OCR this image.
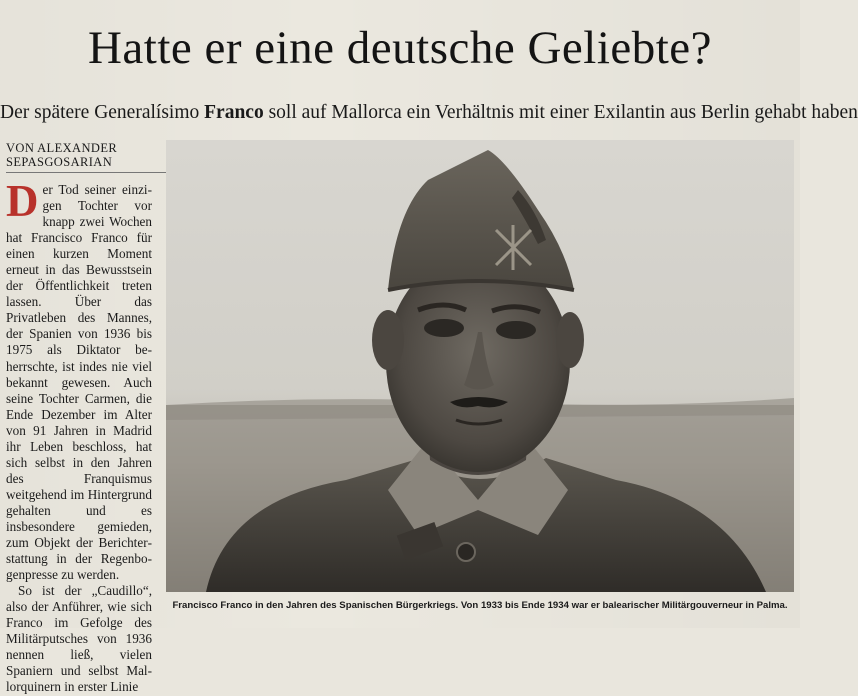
Hatte er eine deutsche Geliebte?
Der spätere Generalísimo Franco soll auf Mallorca ein Verhältnis mit einer Exilantin aus Berlin gehabt haben
VON ALEXANDER
SEPASGOSARIAN

Der Tod seiner einzigen Tochter vor knapp zwei Wochen hat Francisco Franco für einen kurzen Moment erneut in das Bewusstsein der Öffentlichkeit treten lassen. Über das Privatleben des Mannes, der Spanien von 1936 bis 1975 als Diktator beherrschte, ist indes nie viel bekannt gewesen. Auch seine Tochter Carmen, die Ende Dezember im Alter von 91 Jahren in Madrid ihr Leben beschloss, hat sich selbst in den Jahren des Franquismus weitgehend im Hintergrund gehalten und es insbesondere gemieden, zum Objekt der Berichterstattung in der Regenbogenpresse zu werden.

So ist der „Caudillo“, also der Anführer, wie sich Franco im Gefolge des Militärputsches von 1936 nennen ließ, vielen Spaniern und selbst Mallorquinern in erster Linie

Francisco Franco in den Jahren des Spanischen Bürgerkriegs. Von 1933 bis Ende 1934 war er balearischer Militärgouverneur in Palma.
